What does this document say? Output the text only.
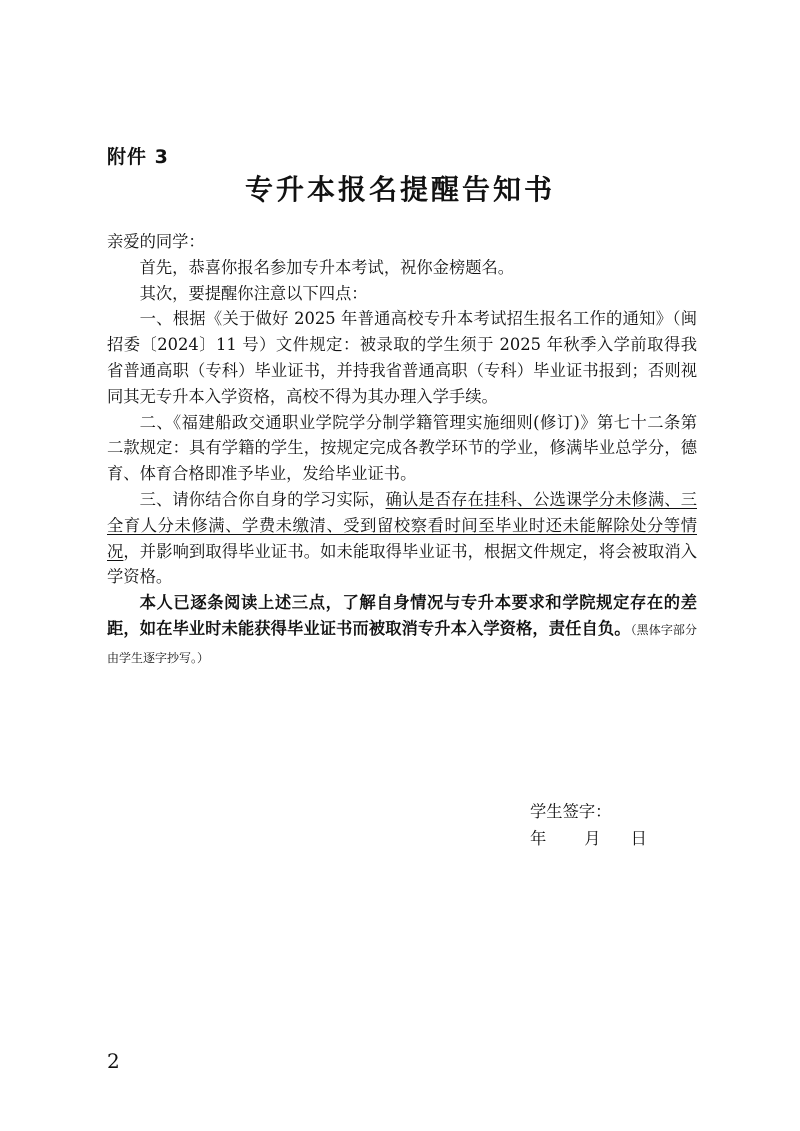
附件 3
专升本报名提醒告知书

亲爱的同学：

首先，恭喜你报名参加专升本考试，祝你金榜题名。

其次，要提醒你注意以下四点：

一、根据《关于做好 2025 年普通高校专升本考试招生报名工作的通知》（闽招委〔2024〕11 号）文件规定：被录取的学生须于 2025 年秋季入学前取得我省普通高职（专科）毕业证书，并持我省普通高职（专科）毕业证书报到；否则视同其无专升本入学资格，高校不得为其办理入学手续。

二、《福建船政交通职业学院学分制学籍管理实施细则(修订)》第七十二条第二款规定：具有学籍的学生，按规定完成各教学环节的学业，修满毕业总学分，德育、体育合格即准予毕业，发给毕业证书。

三、请你结合你自身的学习实际，确认是否存在挂科、公选课学分未修满、三全育人分未修满、学费未缴清、受到留校察看时间至毕业时还未能解除处分等情况，并影响到取得毕业证书。如未能取得毕业证书，根据文件规定，将会被取消入学资格。

本人已逐条阅读上述三点，了解自身情况与专升本要求和学院规定存在的差距，如在毕业时未能获得毕业证书而被取消专升本入学资格，责任自负。（黑体字部分由学生逐字抄写。）

学生签字：
年 月 日
2
